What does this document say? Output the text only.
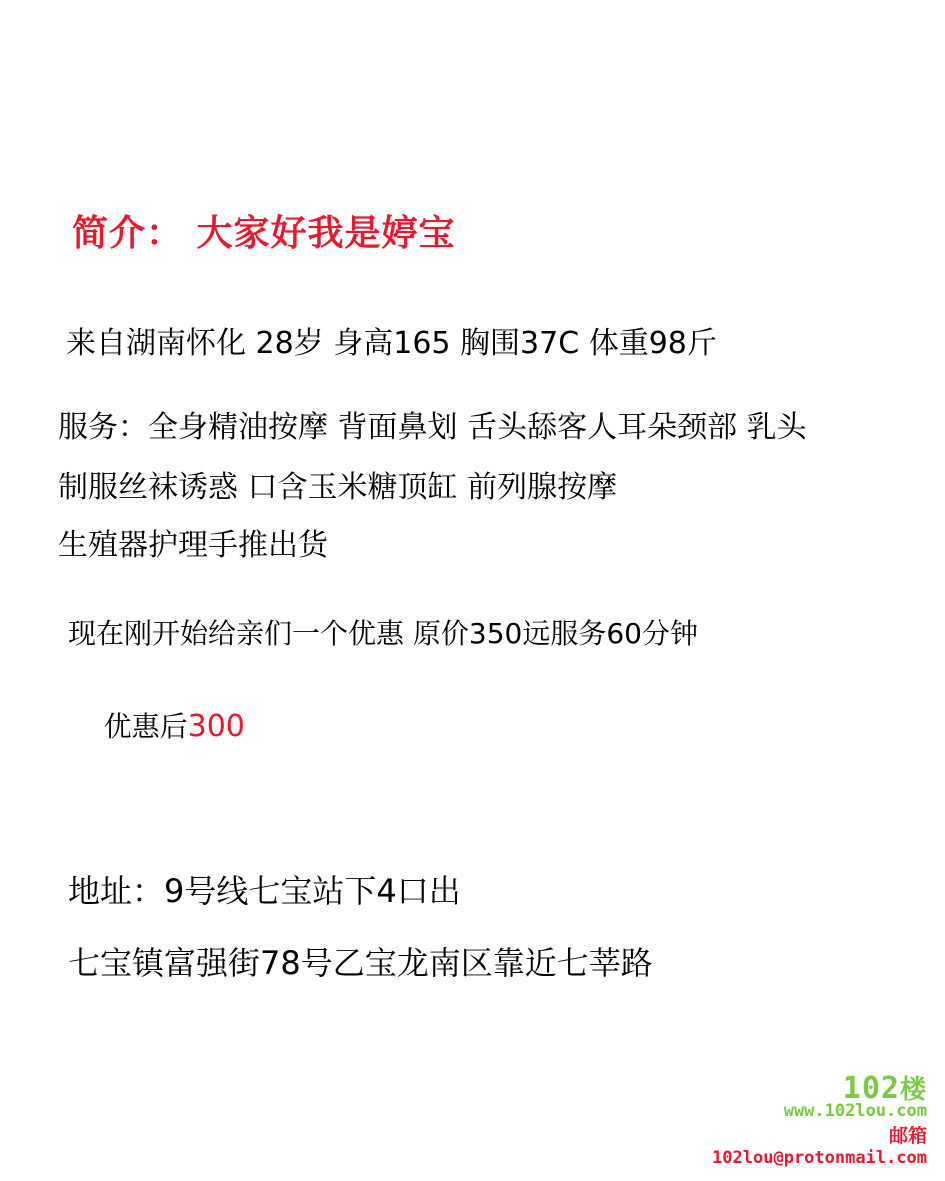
简介： 大家好我是婷宝
来自湖南怀化 28岁 身高165 胸围37C 体重98斤
服务：全身精油按摩 背面鼻划 舌头舔客人耳朵颈部 乳头
制服丝袜诱惑 口含玉米糖顶缸 前列腺按摩
生殖器护理手推出货
现在刚开始给亲们一个优惠 原价350远服务60分钟

优惠后300

地址：9号线七宝站下4口出
七宝镇富强街78号乙宝龙南区靠近七莘路
102楼
www.102lou.com
邮箱
102lou@protonmail.com
